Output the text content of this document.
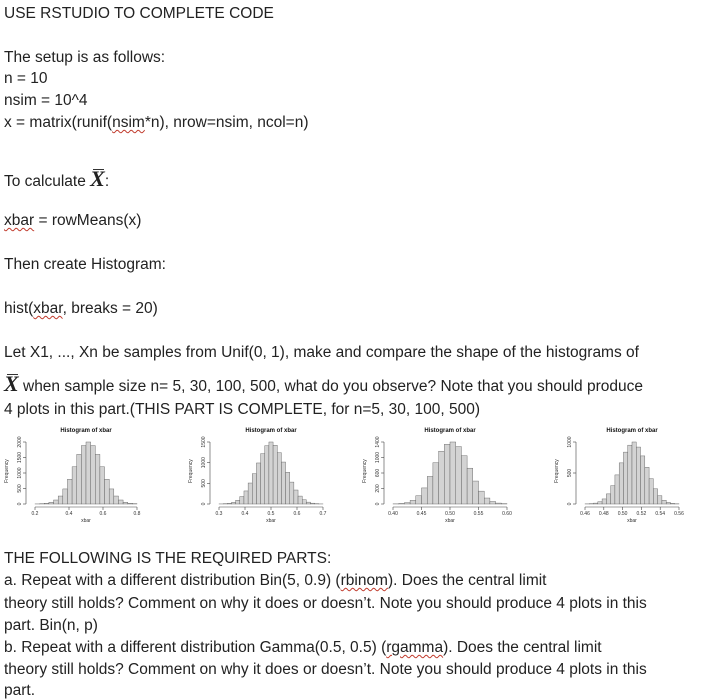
USE RSTUDIO TO COMPLETE CODE
The setup is as follows:
n = 10
nsim = 10^4
x = matrix(runif(nsim*n), nrow=nsim, ncol=n)
To calculate X:
xbar = rowMeans(x)
Then create Histogram:
hist(xbar, breaks = 20)
Let X1, ..., Xn be samples from Unif(0, 1), make and compare the shape of the histograms of
X when sample size n= 5, 30, 100, 500, what do you observe? Note that you should produce
4 plots in this part.(THIS PART IS COMPLETE, for n=5, 30, 100, 500)
Histogram of xbar
0.2	0.4	0.6	0.8
xbar
0
500
1000
1500
2000
Frequency
Histogram of xbar
0.3	0.4	0.5	0.6	0.7
xbar
0
500
1000
1500
Frequency
Histogram of xbar
0.40	0.45	0.50	0.55	0.60
xbar
0
200
600
1000
1400
Frequency
Histogram of xbar
0.46 0.48 0.50 0.52 0.54 0.56
xbar
0
500
1000
Frequency
THE FOLLOWING IS THE REQUIRED PARTS:
a. Repeat with a different distribution Bin(5, 0.9) (rbinom). Does the central limit
theory still holds? Comment on why it does or doesn’t. Note you should produce 4 plots in this
part. Bin(n, p)
b. Repeat with a different distribution Gamma(0.5, 0.5) (rgamma). Does the central limit
theory still holds? Comment on why it does or doesn’t. Note you should produce 4 plots in this
part.
